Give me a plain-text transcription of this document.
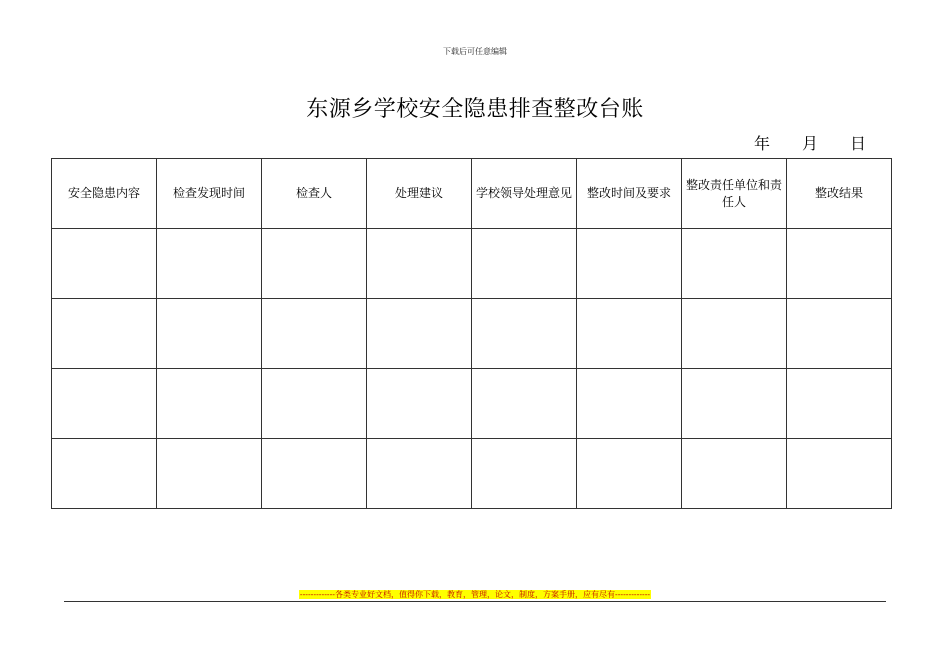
下载后可任意编辑
东源乡学校安全隐患排查整改台账
年	月	日
安全隐患内容	检查发现时间	检查人	处理建议	学校领导处理意见	整改时间及要求	整改责任单位和责任人	整改结果

-------------各类专业好文档，值得你下载，教育，管理，论文，制度，方案手册，应有尽有-------------
